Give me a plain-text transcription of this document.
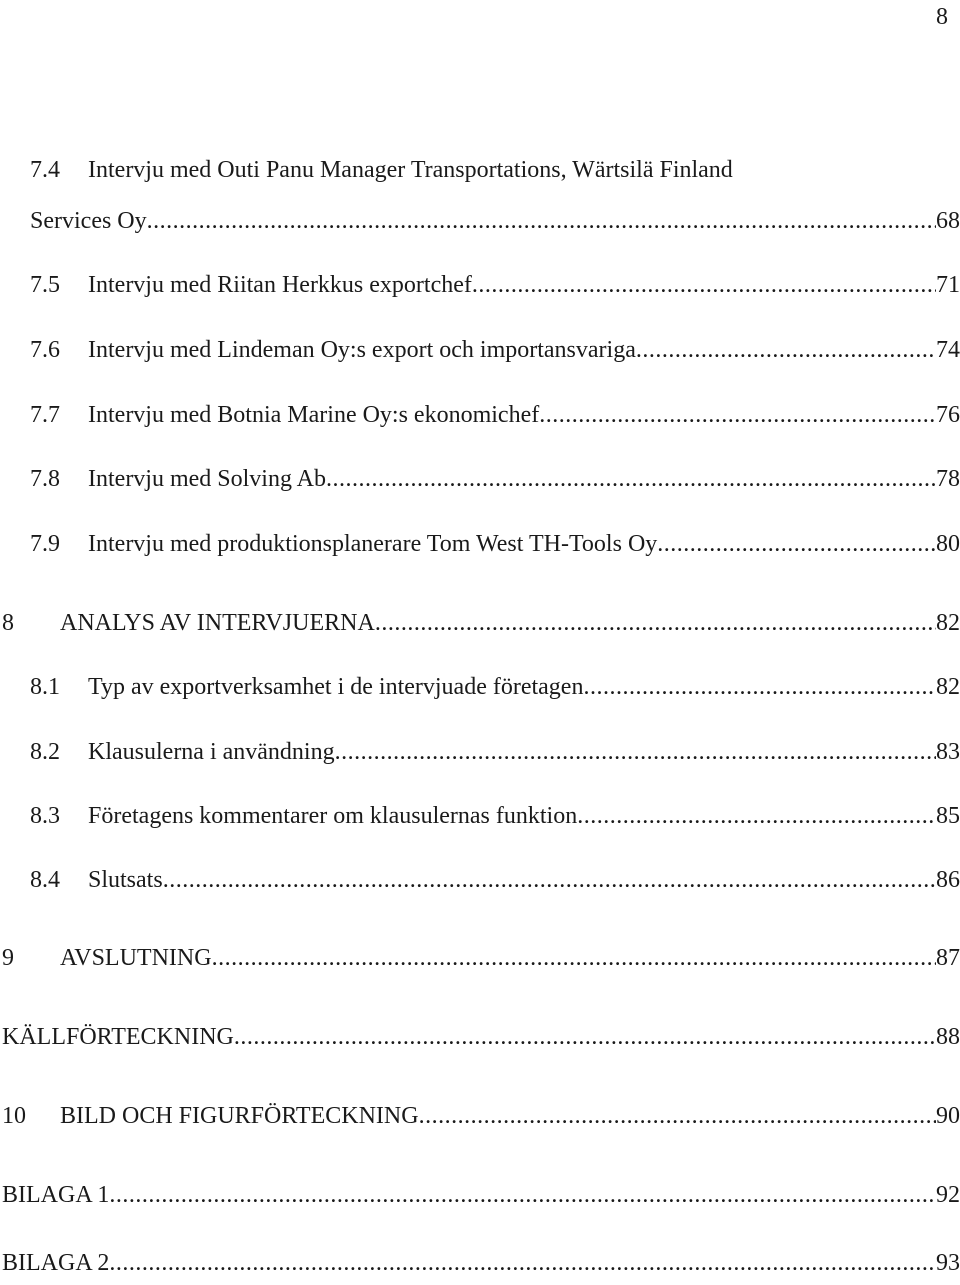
8
7.4 Intervju med Outi Panu Manager Transportations, Wärtsilä Finland
Services Oy .....	68
7.5 Intervju med Riitan Herkkus exportchef .....	71
7.6 Intervju med Lindeman Oy:s export och importansvariga .....	74
7.7 Intervju med Botnia Marine Oy:s ekonomichef .....	76
7.8 Intervju med Solving Ab .....	78
7.9 Intervju med produktionsplanerare Tom West TH-Tools Oy .....	80
8 ANALYS AV INTERVJUERNA .....	82
8.1 Typ av exportverksamhet i de intervjuade företagen .....	82
8.2 Klausulerna i användning .....	83
8.3 Företagens kommentarer om klausulernas funktion .....	85
8.4 Slutsats .....	86
9 AVSLUTNING .....	87
KÄLLFÖRTECKNING .....	88
10 BILD OCH FIGURFÖRTECKNING .....	90
BILAGA 1 .....	92
BILAGA 2 .....	93
